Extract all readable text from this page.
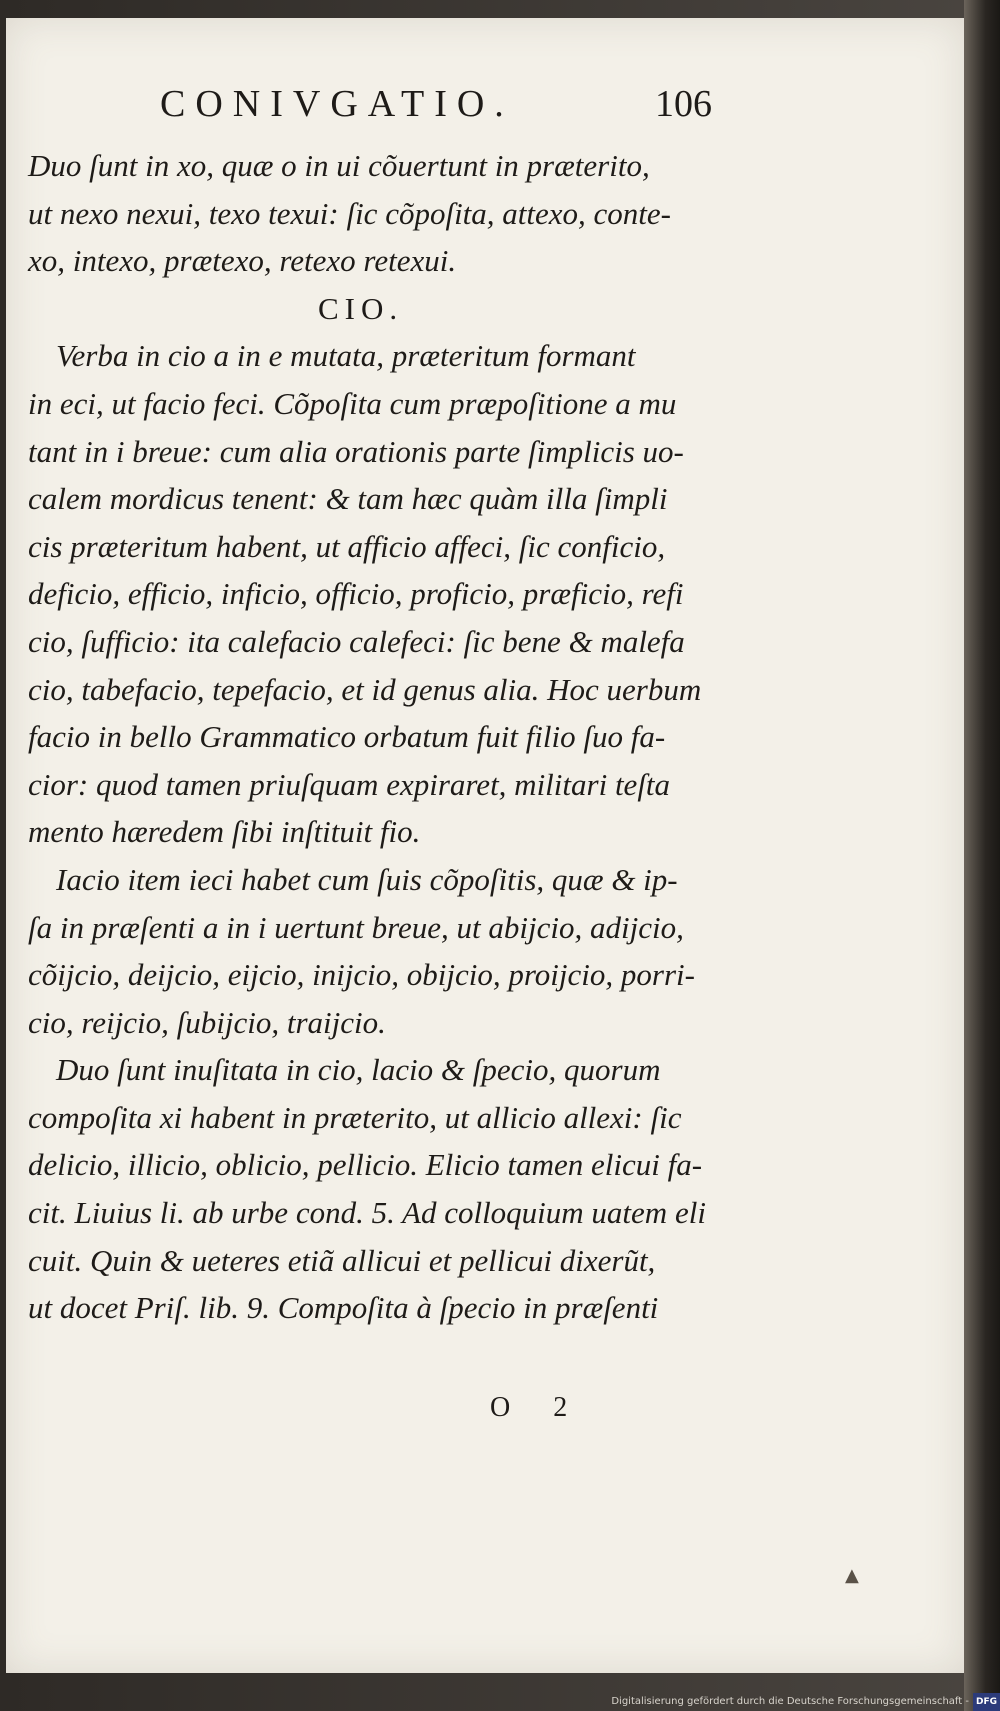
CONIVGATIO.	106
Duo ſunt in xo, quæ o in ui cõuertunt in præterito,
ut nexo nexui, texo texui: ſic cõpoſita, attexo, conte-
xo, intexo, prætexo, retexo retexui.
CIO.
Verba in cio a in e mutata, præteritum formant
in eci, ut facio feci. Cõpoſita cum præpoſitione a mu
tant in i breue: cum alia orationis parte ſimplicis uo-
calem mordicus tenent: & tam hæc quàm illa ſimpli
cis præteritum habent, ut afficio affeci, ſic conficio,
deficio, efficio, inficio, officio, proficio, præficio, refi
cio, ſufficio: ita calefacio calefeci: ſic bene & malefa
cio, tabefacio, tepefacio, et id genus alia. Hoc uerbum
facio in bello Grammatico orbatum fuit filio ſuo fa-
cior: quod tamen priuſquam expiraret, militari teſta
mento hæredem ſibi inſtituit fio.
Iacio item ieci habet cum ſuis cõpoſitis, quæ & ip-
ſa in præſenti a in i uertunt breue, ut abijcio, adijcio,
cõijcio, deijcio, eijcio, inijcio, obijcio, proijcio, porri-
cio, reijcio, ſubijcio, traijcio.
Duo ſunt inuſitata in cio, lacio & ſpecio, quorum
compoſita xi habent in præterito, ut allicio allexi: ſic
delicio, illicio, oblicio, pellicio. Elicio tamen elicui fa-
cit. Liuius li. ab urbe cond. 5. Ad colloquium uatem eli
cuit. Quin & ueteres etiã allicui et pellicui dixerũt,
ut docet Priſ. lib. 9. Compoſita à ſpecio in præſenti
O 2
▲
Digitalisierung gefördert durch die Deutsche Forschungsgemeinschaft - DFG
